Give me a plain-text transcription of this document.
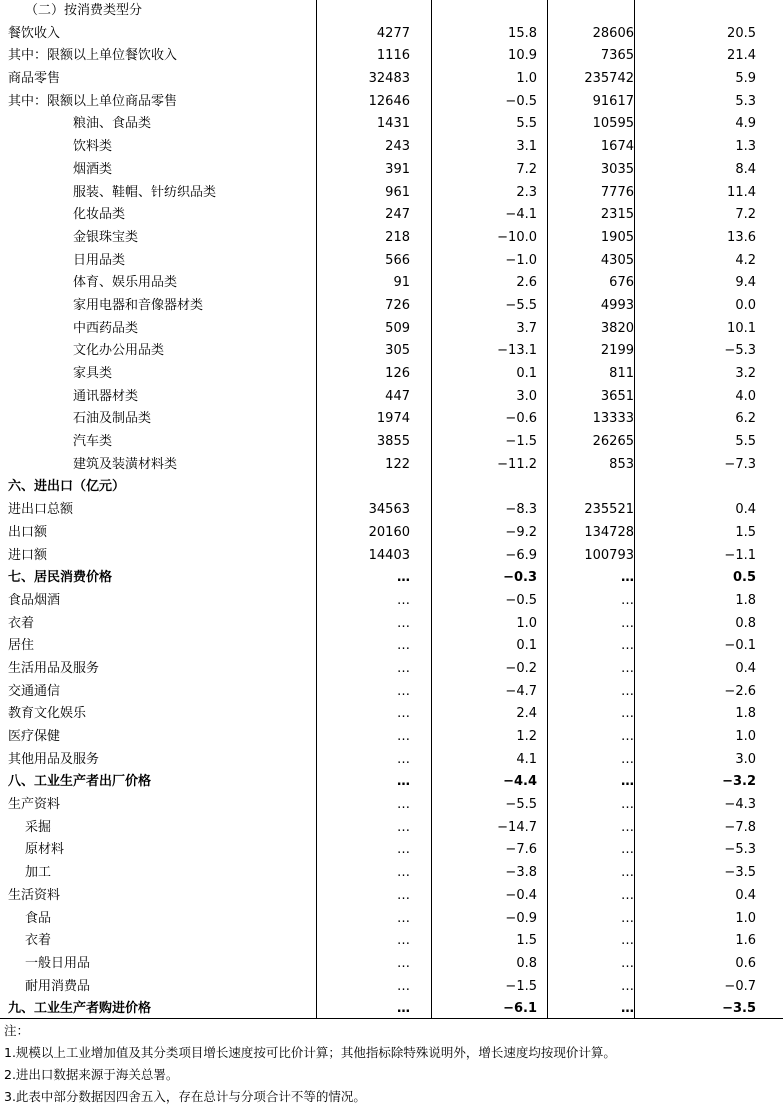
（二）按消费类型分
餐饮收入	4277	15.8	28606	20.5
其中：限额以上单位餐饮收入	1116	10.9	7365	21.4
商品零售	32483	1.0	235742	5.9
其中：限额以上单位商品零售	12646	−0.5	91617	5.3
粮油、食品类	1431	5.5	10595	4.9
饮料类	243	3.1	1674	1.3
烟酒类	391	7.2	3035	8.4
服装、鞋帽、针纺织品类	961	2.3	7776	11.4
化妆品类	247	−4.1	2315	7.2
金银珠宝类	218	−10.0	1905	13.6
日用品类	566	−1.0	4305	4.2
体育、娱乐用品类	91	2.6	676	9.4
家用电器和音像器材类	726	−5.5	4993	0.0
中西药品类	509	3.7	3820	10.1
文化办公用品类	305	−13.1	2199	−5.3
家具类	126	0.1	811	3.2
通讯器材类	447	3.0	3651	4.0
石油及制品类	1974	−0.6	13333	6.2
汽车类	3855	−1.5	26265	5.5
建筑及装潢材料类	122	−11.2	853	−7.3
六、进出口（亿元）
进出口总额	34563	−8.3	235521	0.4
出口额	20160	−9.2	134728	1.5
进口额	14403	−6.9	100793	−1.1
七、居民消费价格	…	−0.3	…	0.5
食品烟酒	…	−0.5	…	1.8
衣着	…	1.0	…	0.8
居住	…	0.1	…	−0.1
生活用品及服务	…	−0.2	…	0.4
交通通信	…	−4.7	…	−2.6
教育文化娱乐	…	2.4	…	1.8
医疗保健	…	1.2	…	1.0
其他用品及服务	…	4.1	…	3.0
八、工业生产者出厂价格	…	−4.4	…	−3.2
生产资料	…	−5.5	…	−4.3
采掘	…	−14.7	…	−7.8
原材料	…	−7.6	…	−5.3
加工	…	−3.8	…	−3.5
生活资料	…	−0.4	…	0.4
食品	…	−0.9	…	1.0
衣着	…	1.5	…	1.6
一般日用品	…	0.8	…	0.6
耐用消费品	…	−1.5	…	−0.7
九、工业生产者购进价格	…	−6.1	…	−3.5
注：
1.规模以上工业增加值及其分类项目增长速度按可比价计算；其他指标除特殊说明外，增长速度均按现价计算。
2.进出口数据来源于海关总署。
3.此表中部分数据因四舍五入，存在总计与分项合计不等的情况。
